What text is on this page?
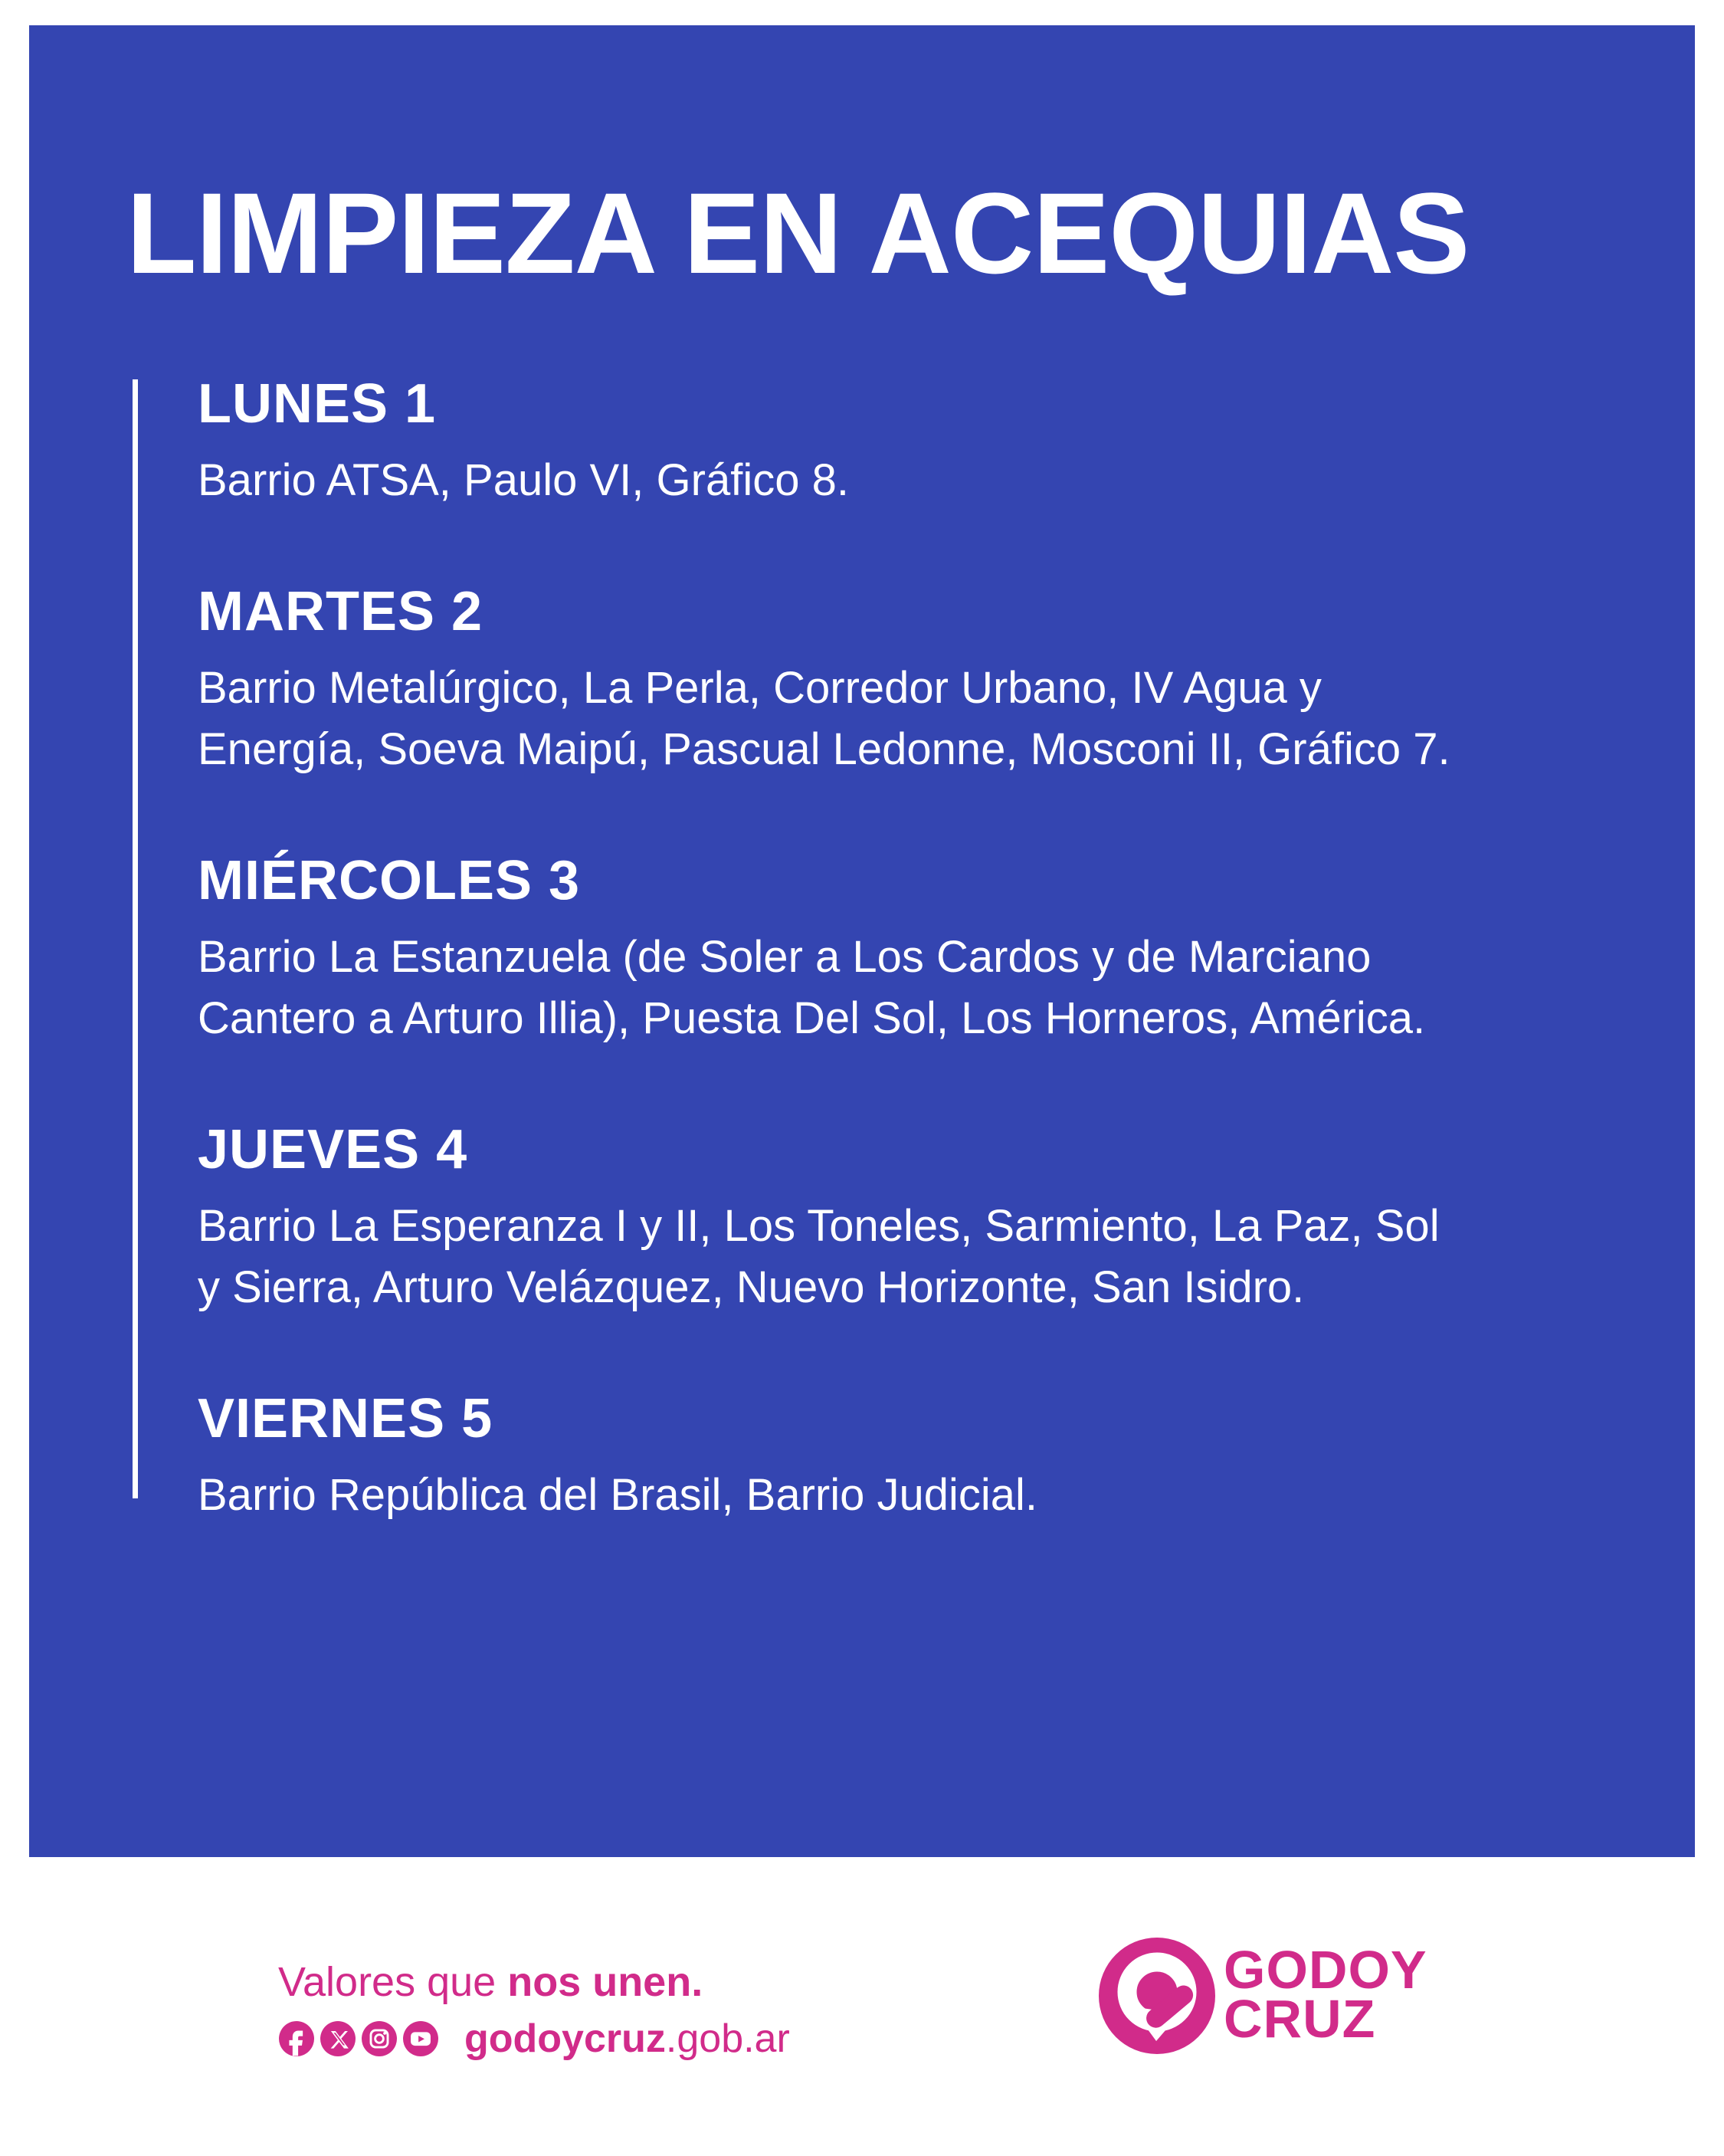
LIMPIEZA EN ACEQUIAS
LUNES 1

Barrio ATSA, Paulo VI, Gráfico 8.

MARTES 2

Barrio Metalúrgico, La Perla, Corredor Urbano, IV Agua y

Energía, Soeva Maipú, Pascual Ledonne, Mosconi II, Gráfico 7.

MIÉRCOLES 3

Barrio La Estanzuela (de Soler a Los Cardos y de Marciano

Cantero a Arturo Illia), Puesta Del Sol, Los Horneros, América.

JUEVES 4

Barrio La Esperanza I y II, Los Toneles, Sarmiento, La Paz, Sol

y Sierra, Arturo Velázquez, Nuevo Horizonte, San Isidro.

VIERNES 5

Barrio República del Brasil, Barrio Judicial.

Valores que nos unen.
godoycruz.gob.ar
GODOY
CRUZ
